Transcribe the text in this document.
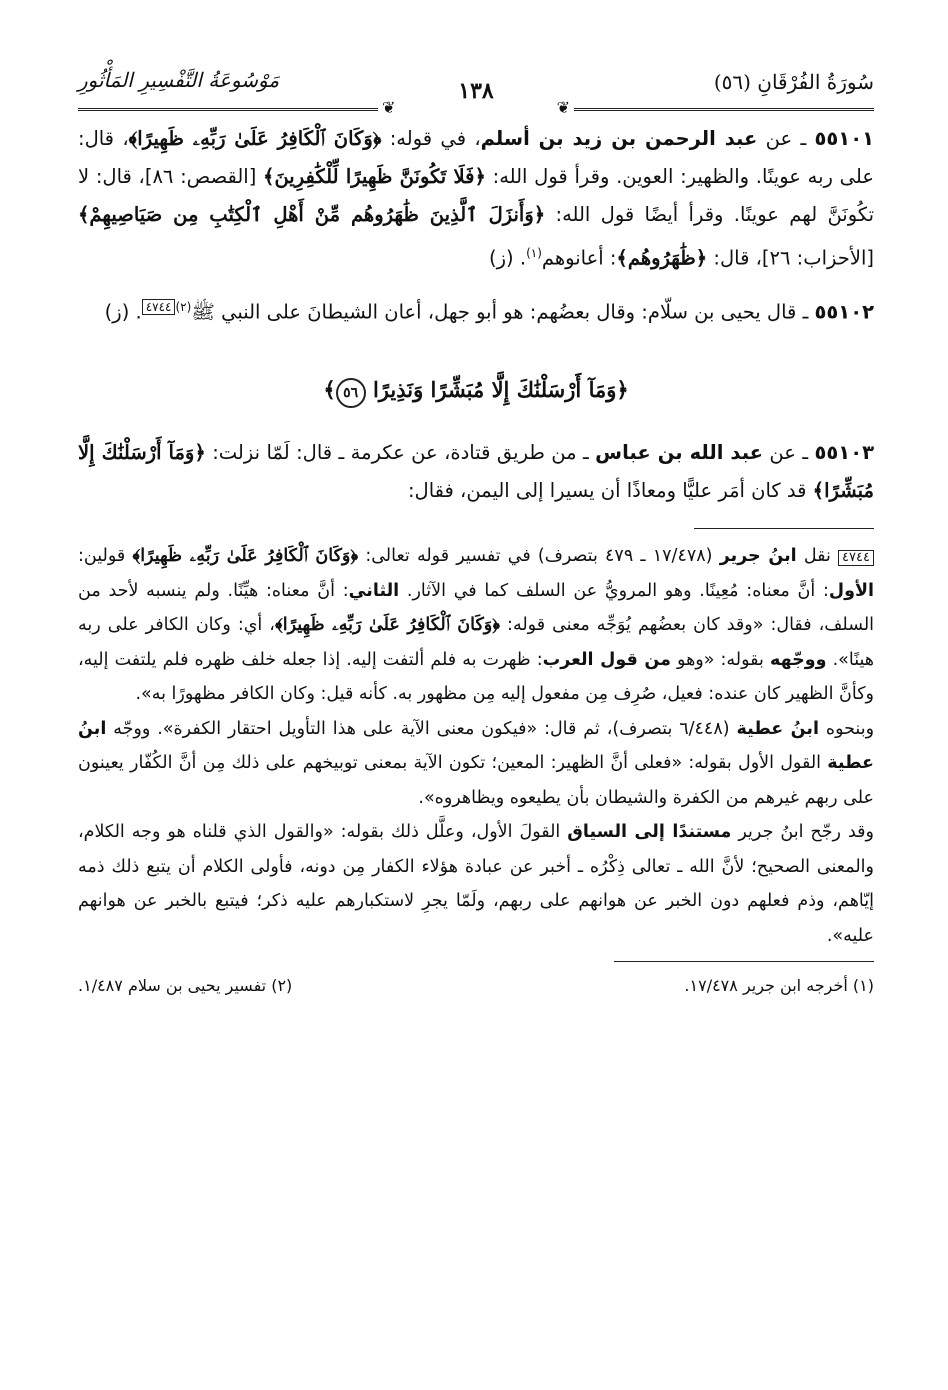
سُورَةُ الفُرْقَانِ (٥٦)
١٣٨
مَوْسُوعَةُ التَّفْسِيرِ المَأْثُورِ
❦
❦

٥٥١٠١ ـ عن عبد الرحمن بن زيد بن أسلم، في قوله: ﴿وَكَانَ ٱلْكَافِرُ عَلَىٰ رَبِّهِۦ ظَهِيرًا﴾، قال: على ربه عوينًا. والظهير: العوين. وقرأ قول الله: ﴿فَلَا تَكُونَنَّ ظَهِيرًا لِّلْكَٰفِرِينَ﴾ [القصص: ٨٦]، قال: لا تكُونَنَّ لهم عوينًا. وقرأ أيضًا قول الله: ﴿وَأَنزَلَ ٱلَّذِينَ ظَٰهَرُوهُم مِّنْ أَهْلِ ٱلْكِتَٰبِ مِن صَيَاصِيهِمْ﴾ [الأحزاب: ٢٦]، قال: ﴿ظَٰهَرُوهُم﴾: أعانوهم$^{(١)}$. (ز)

٥٥١٠٢ ـ قال يحيى بن سلّام: وقال بعضُهم: هو أبو جهل، أعان الشيطانَ على النبي ﷺ$^{(٢)}$٤٧٤٤. (ز)

﴿وَمَآ أَرْسَلْنَٰكَ إِلَّا مُبَشِّرًا وَنَذِيرًا ٥٦﴾

٥٥١٠٣ ـ عن عبد الله بن عباس ـ من طريق قتادة، عن عكرمة ـ قال: لَمّا نزلت: ﴿وَمَآ أَرْسَلْنَٰكَ إِلَّا مُبَشِّرًا﴾ قد كان أمَر عليًّا ومعاذًا أن يسيرا إلى اليمن، فقال:

٤٧٤٤ نقل ابنُ جرير (١٧/٤٧٨ ـ ٤٧٩ بتصرف) في تفسير قوله تعالى: ﴿وَكَانَ ٱلْكَافِرُ عَلَىٰ رَبِّهِۦ ظَهِيرًا﴾ قولين: الأول: أنَّ معناه: مُعِينًا. وهو المرويُّ عن السلف كما في الآثار. الثاني: أنَّ معناه: هيِّنًا. ولم ينسبه لأحد من السلف، فقال: «وقد كان بعضُهم يُوَجِّه معنى قوله: ﴿وَكَانَ ٱلْكَافِرُ عَلَىٰ رَبِّهِۦ ظَهِيرًا﴾، أي: وكان الكافر على ربه هينًا». ووجّهه بقوله: «وهو من قول العرب: ظهرت به فلم ألتفت إليه. إذا جعله خلف ظهره فلم يلتفت إليه، وكأنَّ الظهير كان عنده: فعيل، صُرِف مِن مفعول إليه مِن مظهور به. كأنه قيل: وكان الكافر مظهورًا به».

وبنحوه ابنُ عطية (٦/٤٤٨ بتصرف)، ثم قال: «فيكون معنى الآية على هذا التأويل احتقار الكفرة». ووجّه ابنُ عطية القول الأول بقوله: «فعلى أنَّ الظهير: المعين؛ تكون الآية بمعنى توبيخهم على ذلك مِن أنَّ الكُفّار يعينون على ربهم غيرهم من الكفرة والشيطان بأن يطيعوه ويظاهروه».

وقد رجّح ابنُ جرير مستندًا إلى السياق القولَ الأول، وعلَّل ذلك بقوله: «والقول الذي قلناه هو وجه الكلام، والمعنى الصحيح؛ لأنَّ الله ـ تعالى ذِكْرُه ـ أخبر عن عبادة هؤلاء الكفار مِن دونه، فأولى الكلام أن يتبع ذلك ذمه إيّاهم، وذم فعلهم دون الخبر عن هوانهم على ربهم، ولَمّا يجرِ لاستكبارهم عليه ذكر؛ فيتبع بالخبر عن هوانهم عليه».

(١) أخرجه ابن جرير ١٧/٤٧٨.
(٢) تفسير يحيى بن سلام ١/٤٨٧.
